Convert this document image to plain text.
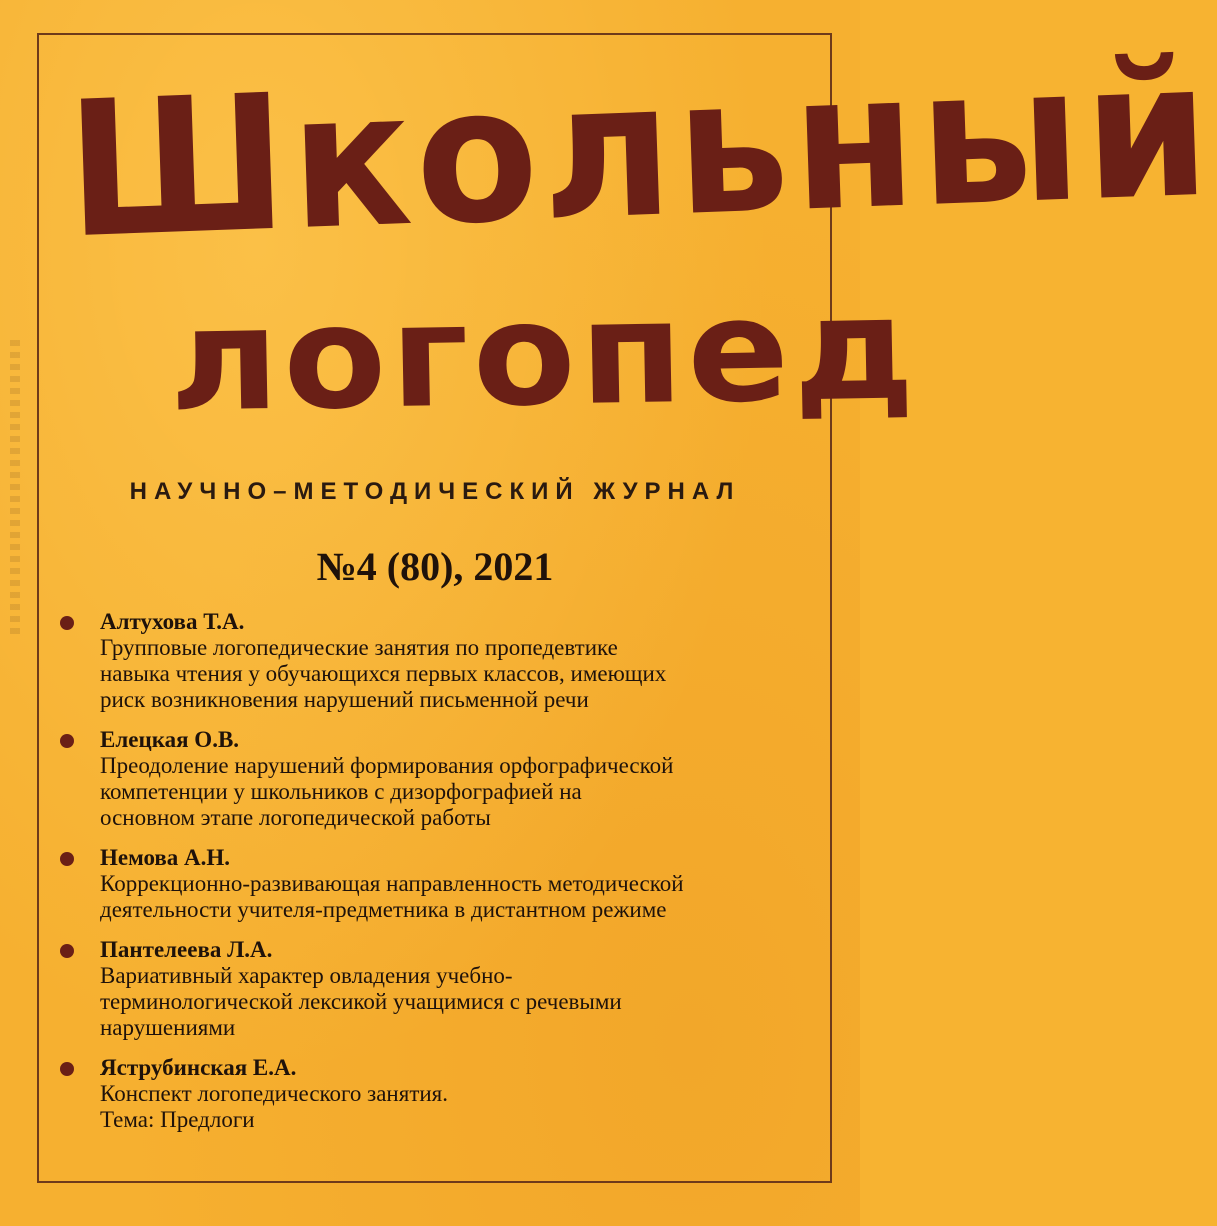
Школьный
логопед
НАУЧНО–МЕТОДИЧЕСКИЙ ЖУРНАЛ
№4 (80), 2021
Алтухова Т.А.
Групповые логопедические занятия по пропедевтике
навыка чтения у обучающихся первых классов, имеющих
риск возникновения нарушений письменной речи
Елецкая О.В.
Преодоление нарушений формирования орфографической
компетенции у школьников с дизорфографией на
основном этапе логопедической работы
Немова А.Н.
Коррекционно-развивающая направленность методической
деятельности учителя-предметника в дистантном режиме
Пантелеева Л.А.
Вариативный характер овладения учебно-
терминологической лексикой учащимися с речевыми
нарушениями
Яструбинская Е.А.
Конспект логопедического занятия.
Тема: Предлоги
